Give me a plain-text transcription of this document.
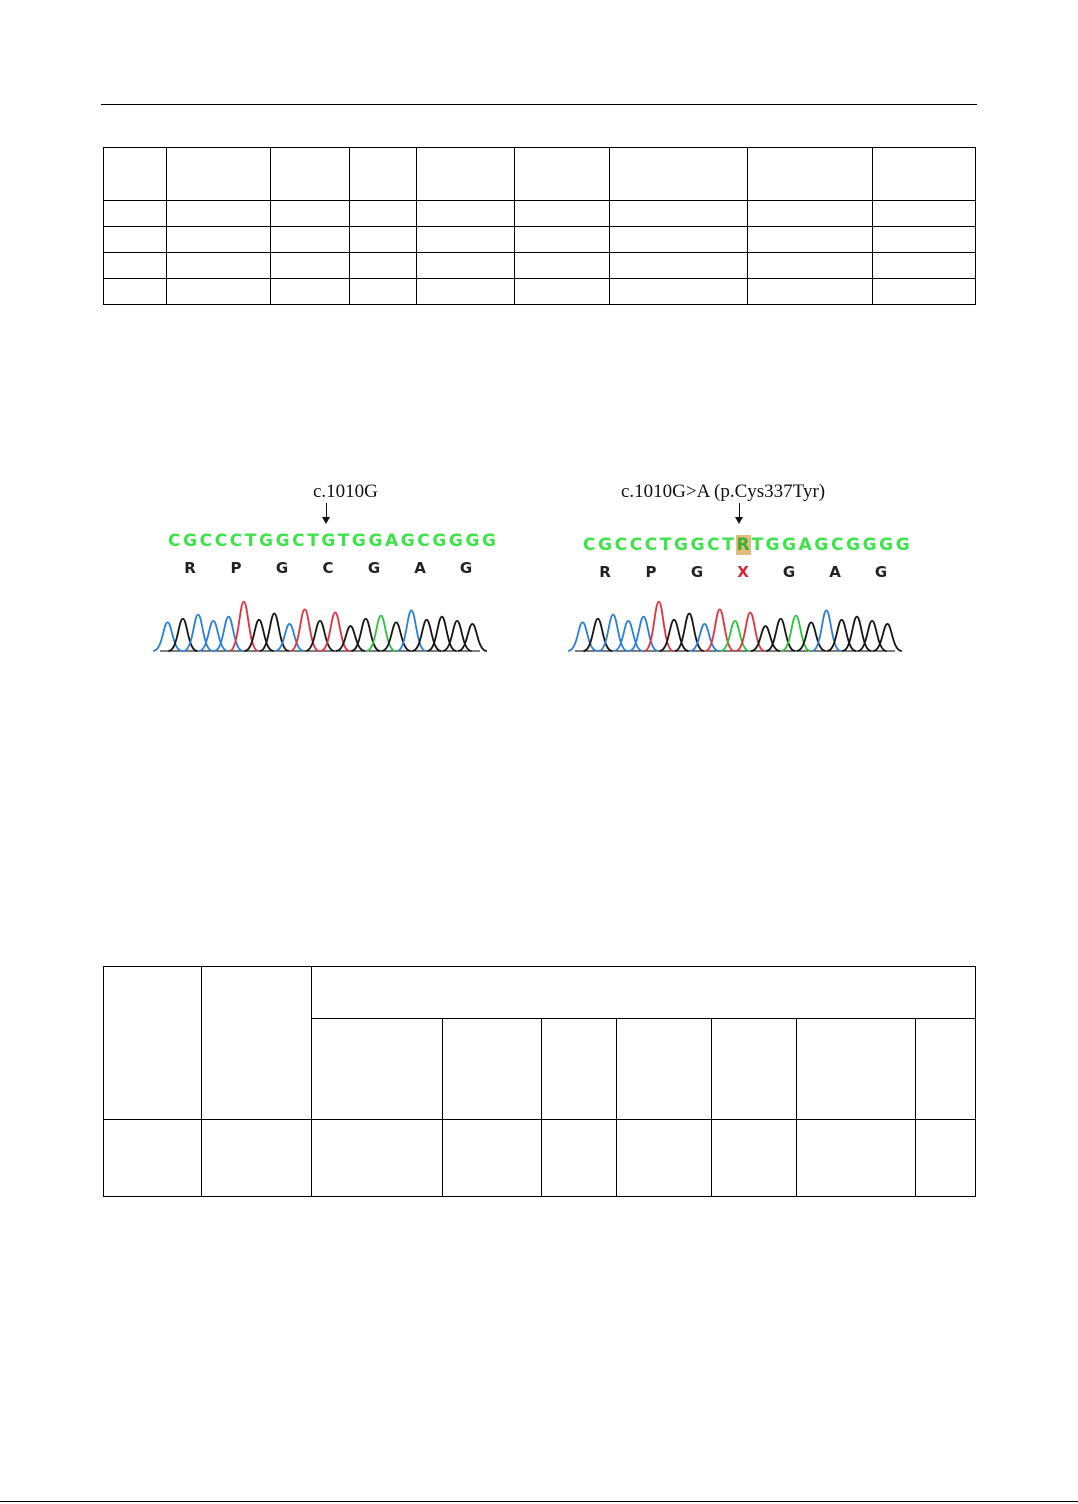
c.1010G
CGCCCTGGCTGTGGAGCGGGG
R	P	G	C	G	A	G
c.1010G>A (p.Cys337Tyr)
CGCCCTGGCTRTGGAGCGGGG
R	P	G	X	G	A	G
